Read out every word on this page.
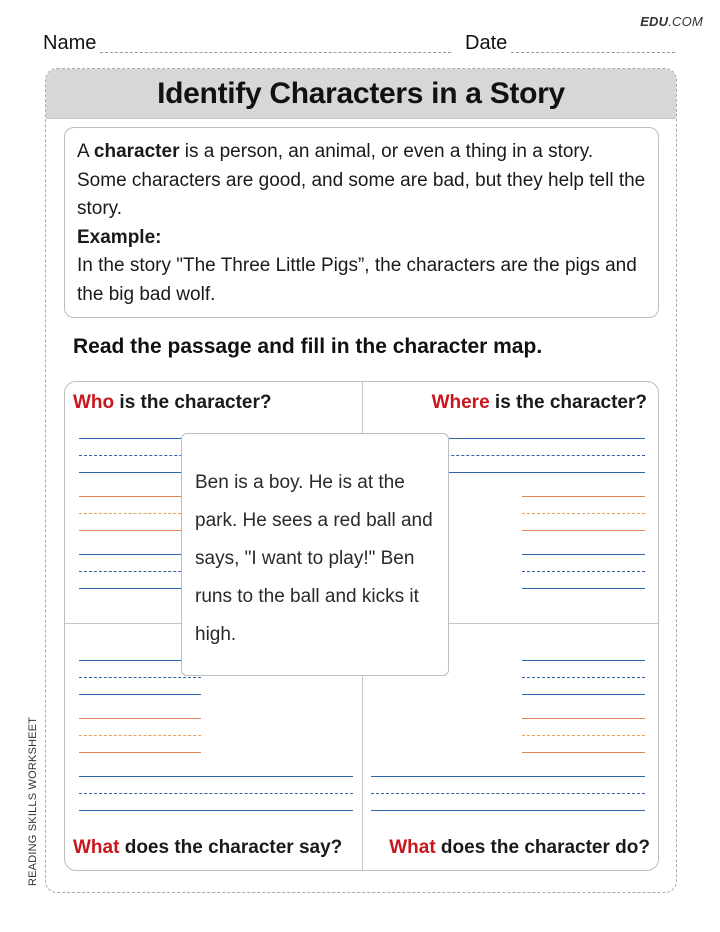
EDU.COM
Name	Date
READING SKILLS WORKSHEET
Identify Characters in a Story
A character is a person, an animal, or even a thing in a story. Some characters are good, and some are bad, but they help tell the story.
Example:
In the story "The Three Little Pigs”, the characters are the pigs and the big bad wolf.
Read the passage and fill in the character map.
Who is the character?	Where is the character?
What does the character say? What does the character do?
Ben is a boy. He is at the park. He sees a red ball and says, "I want to play!" Ben runs to the ball and kicks it high.
